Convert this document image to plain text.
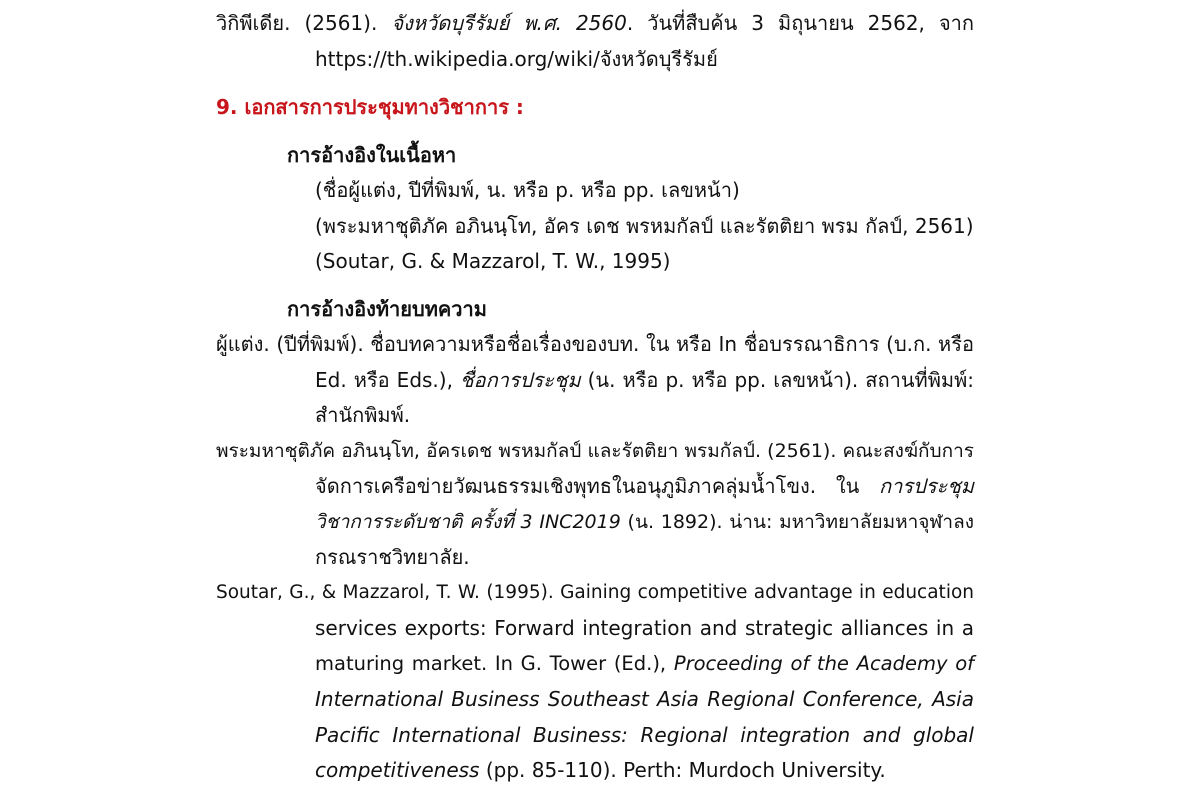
วิกิพีเดีย. (2561). จังหวัดบุรีรัมย์ พ.ศ. 2560. วันที่สืบค้น 3 มิถุนายน 2562, จาก
https://th.wikipedia.org/wiki/จังหวัดบุรีรัมย์
9. เอกสารการประชุมทางวิชาการ :
การอ้างอิงในเนื้อหา
(ชื่อผู้แต่ง, ปีที่พิมพ์, น. หรือ p. หรือ pp. เลขหน้า)
(พระมหาชุติภัค อภินนฺโท, อัคร เดช พรหมกัลป์ และรัตติยา พรม กัลป์, 2561)
(Soutar, G. & Mazzarol, T. W., 1995)
การอ้างอิงท้ายบทความ
ผู้แต่ง. (ปีที่พิมพ์). ชื่อบทความหรือชื่อเรื่องของบท. ใน หรือ In ชื่อบรรณาธิการ (บ.ก. หรือ
Ed. หรือ Eds.), ชื่อการประชุม (น. หรือ p. หรือ pp. เลขหน้า). สถานที่พิมพ์:
สำนักพิมพ์.
พระมหาชุติภัค อภินนฺโท, อัครเดช พรหมกัลป์ และรัตติยา พรมกัลป์. (2561). คณะสงฆ์กับการ
จัดการเครือข่ายวัฒนธรรมเชิงพุทธในอนุภูมิภาคลุ่มน้ำโขง. ใน การประชุม
วิชาการระดับชาติ ครั้งที่ 3 INC2019 (น. 1892). น่าน: มหาวิทยาลัยมหาจุฬาลง
กรณราชวิทยาลัย.
Soutar, G., & Mazzarol, T. W. (1995). Gaining competitive advantage in education
services exports: Forward integration and strategic alliances in a
maturing market. In G. Tower (Ed.), Proceeding of the Academy of
International Business Southeast Asia Regional Conference, Asia
Pacific International Business: Regional integration and global
competitiveness (pp. 85-110). Perth: Murdoch University.
